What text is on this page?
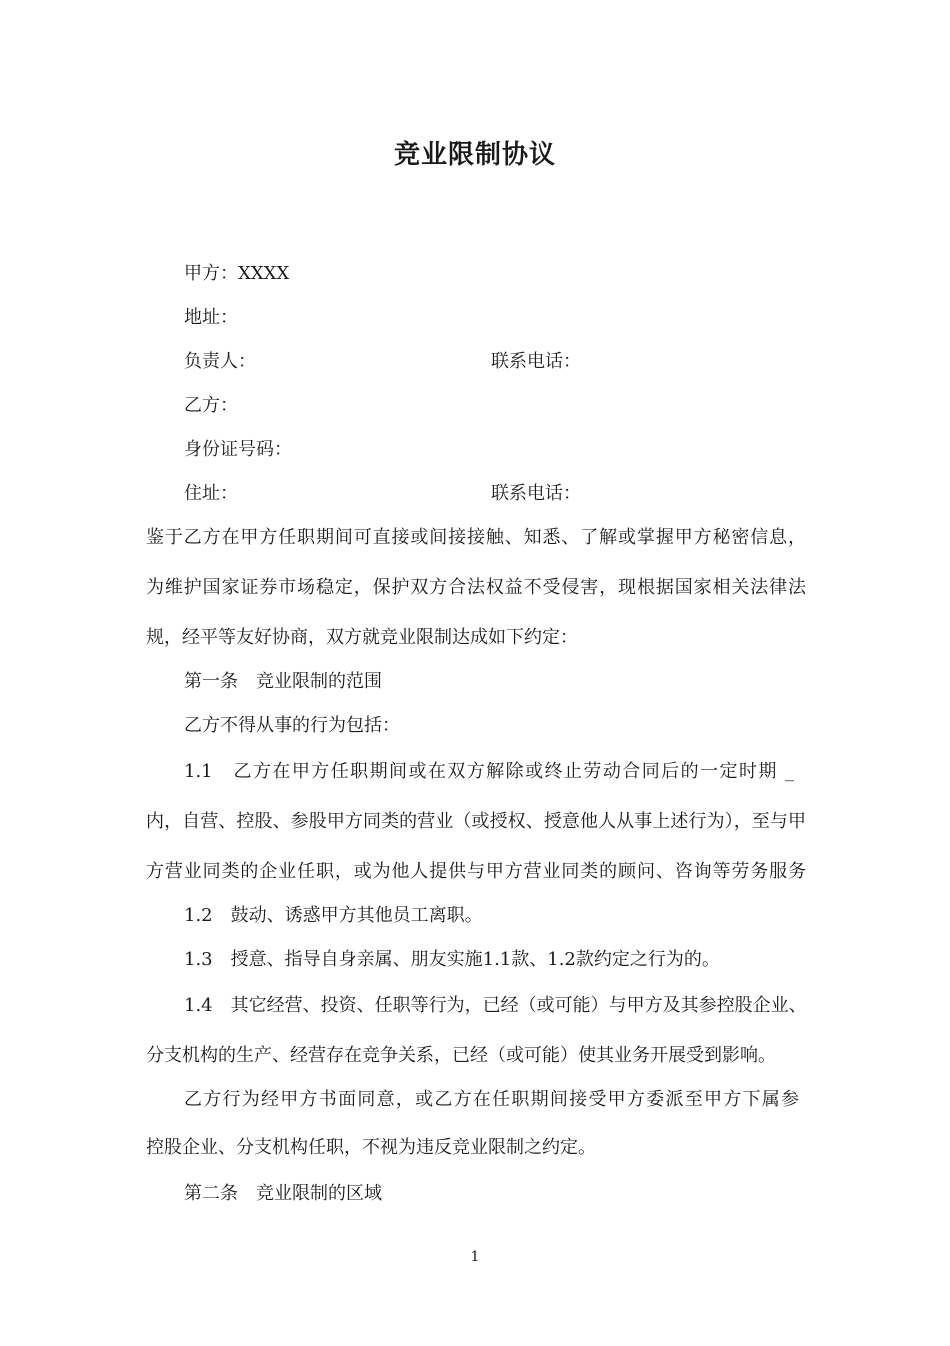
竞业限制协议
甲方：XXXX
地址：
负责人：	联系电话：
乙方：
身份证号码：
住址：	联系电话：
鉴于乙方在甲方任职期间可直接或间接接触、知悉、了解或掌握甲方秘密信息，
为维护国家证券市场稳定，保护双方合法权益不受侵害，现根据国家相关法律法
规，经平等友好协商，双方就竞业限制达成如下约定：
第一条　竞业限制的范围
乙方不得从事的行为包括：
1.1　乙方在甲方任职期间或在双方解除或终止劳动合同后的一定时期 _
内，自营、控股、参股甲方同类的营业（或授权、授意他人从事上述行为），至与甲
方营业同类的企业任职，或为他人提供与甲方营业同类的顾问、咨询等劳务服务
1.2　鼓动、诱惑甲方其他员工离职。
1.3　授意、指导自身亲属、朋友实施1.1款、1.2款约定之行为的。
1.4　其它经营、投资、任职等行为，已经（或可能）与甲方及其参控股企业、
分支机构的生产、经营存在竞争关系，已经（或可能）使其业务开展受到影响。
乙方行为经甲方书面同意，或乙方在任职期间接受甲方委派至甲方下属参
控股企业、分支机构任职，不视为违反竞业限制之约定。
第二条　竞业限制的区域
1
